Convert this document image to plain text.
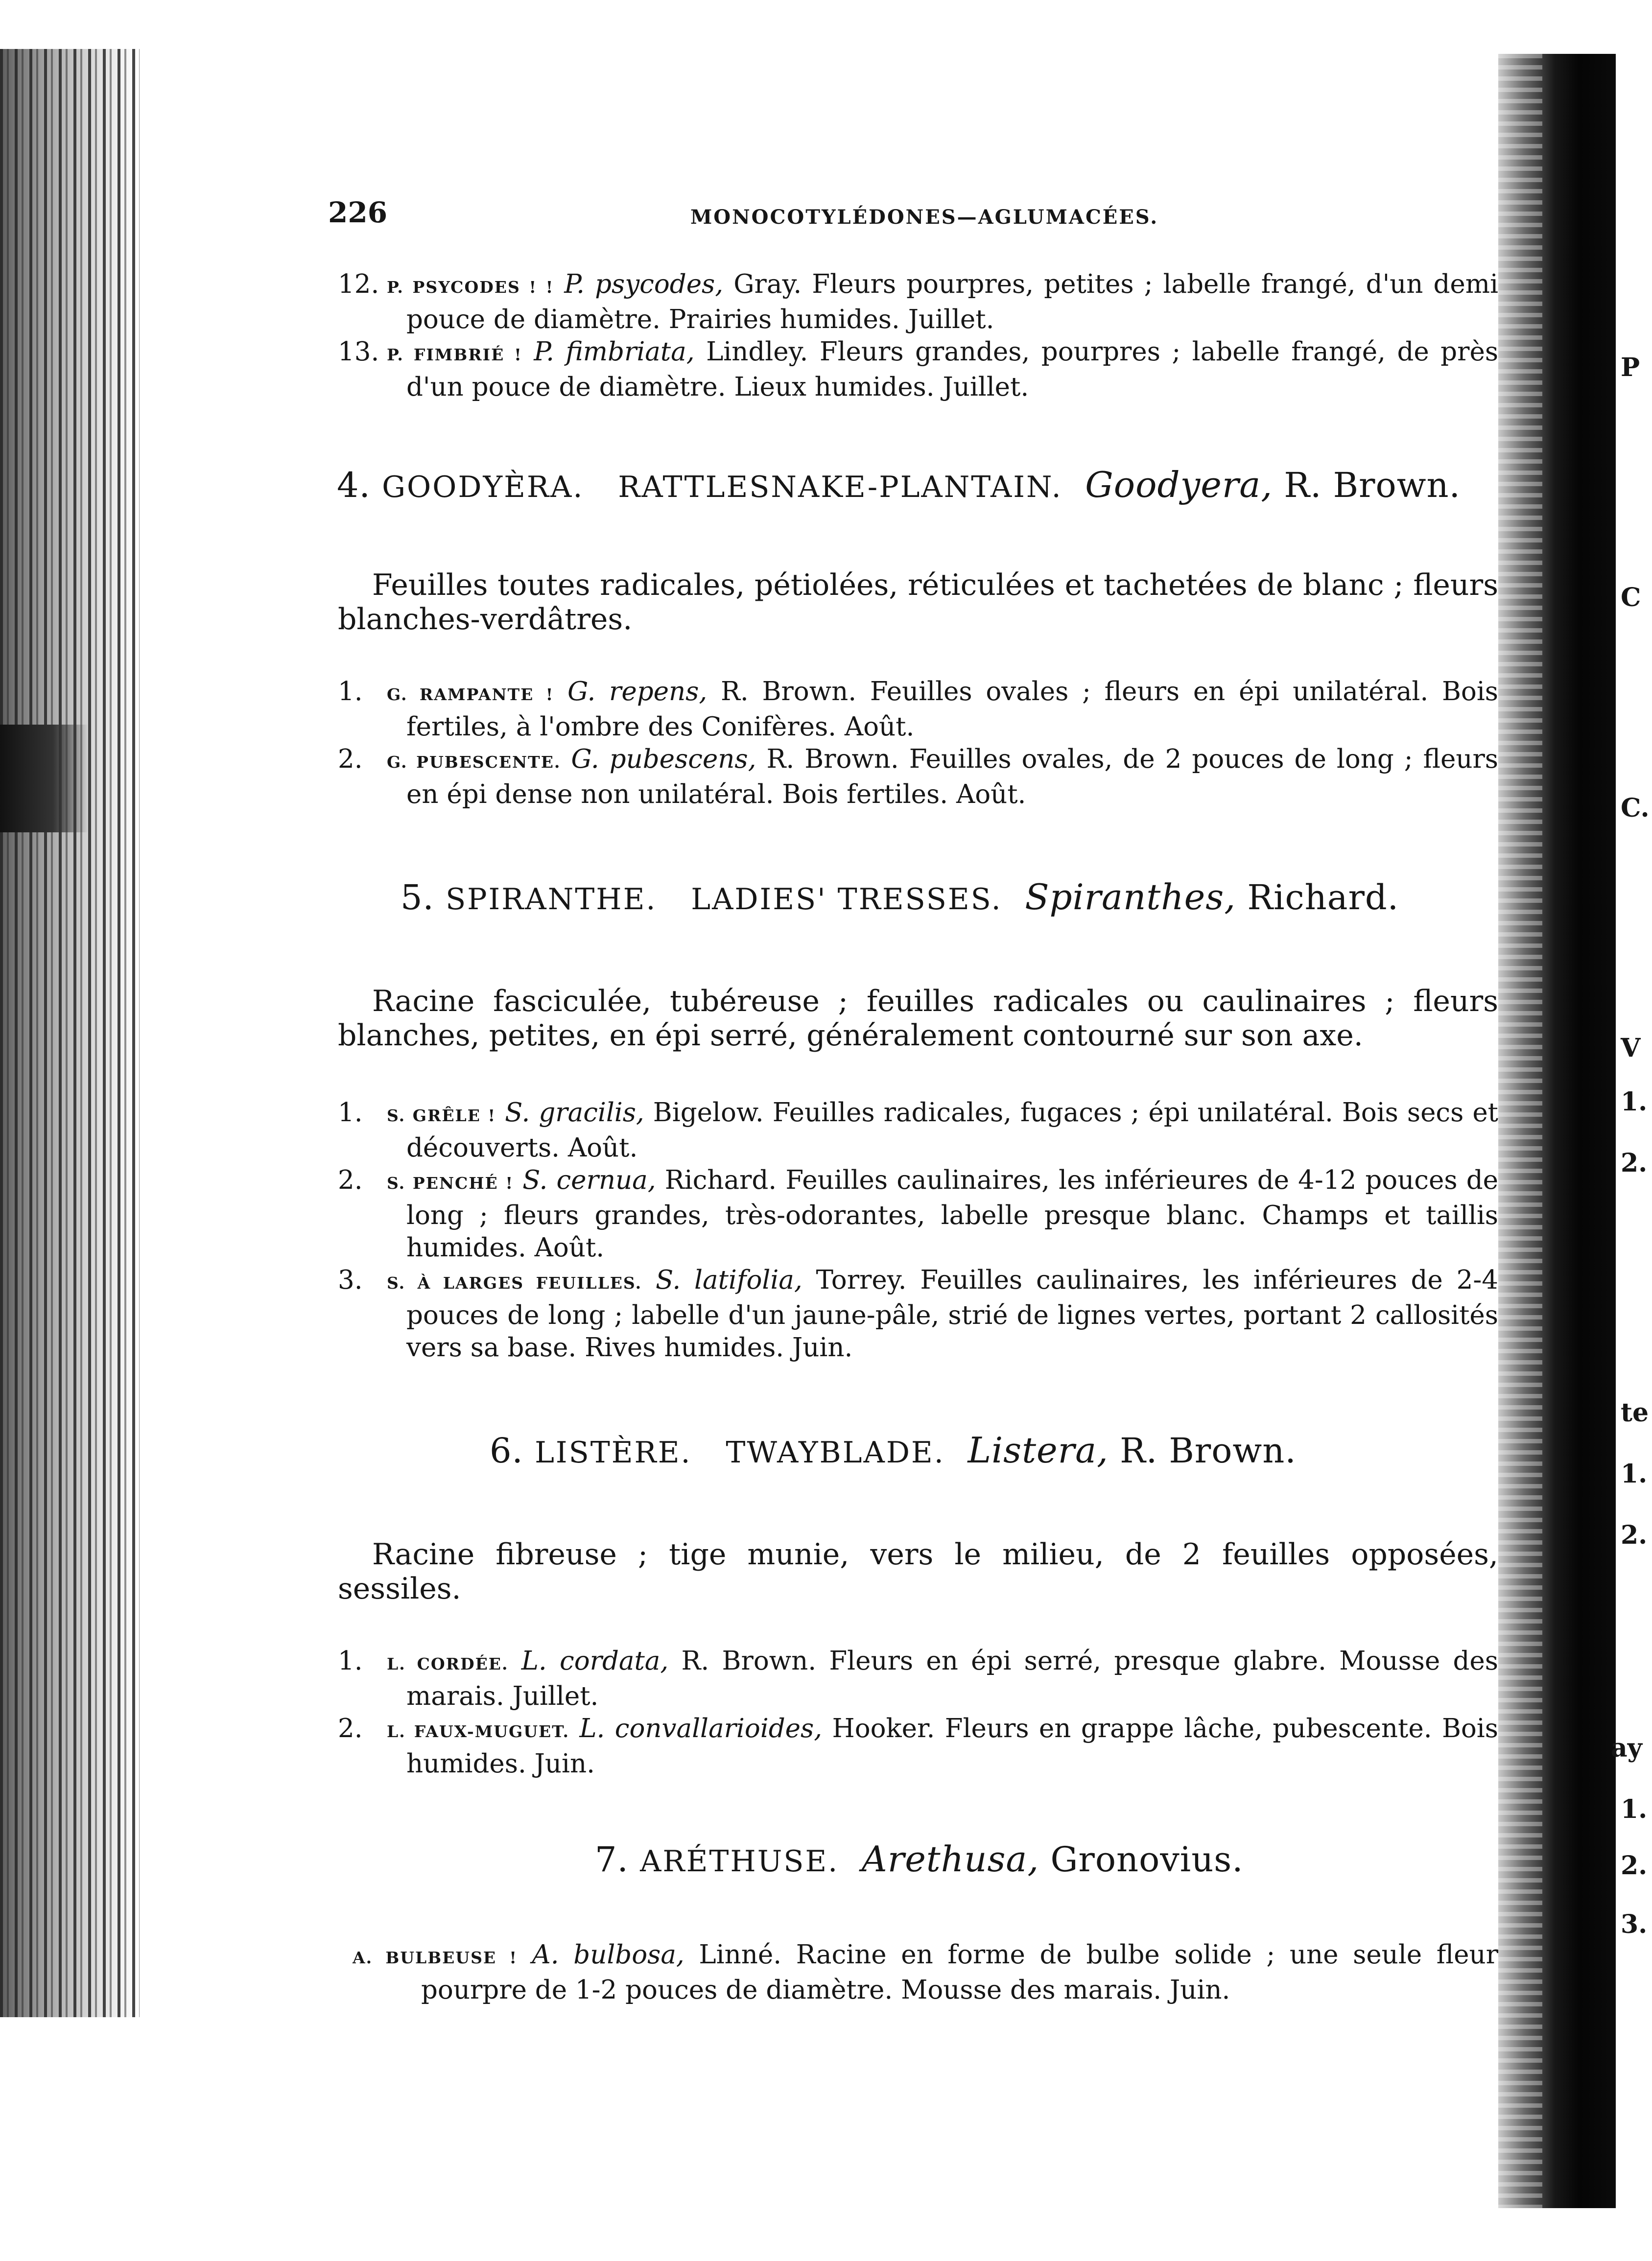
226	MONOCOTYLÉDONES—AGLUMACÉES.

12. P. PSYCODES ! ! P. psycodes, Gray. Fleurs pourpres, petites ; labelle frangé, d'un demi pouce de diamètre. Prairies humides. Juillet.

13. P. FIMBRIÉ ! P. fimbriata, Lindley. Fleurs grandes, pourpres ; labelle frangé, de près d'un pouce de diamètre. Lieux humides. Juillet.

4. GOODYÈRA. RATTLESNAKE-PLANTAIN. Goodyera, R. Brown.
Feuilles toutes radicales, pétiolées, réticulées et tachetées de blanc ; fleurs blanches-verdâtres.

1. G. RAMPANTE ! G. repens, R. Brown. Feuilles ovales ; fleurs en épi unilatéral. Bois fertiles, à l'ombre des Conifères. Août.

2. G. PUBESCENTE. G. pubescens, R. Brown. Feuilles ovales, de 2 pouces de long ; fleurs en épi dense non unilatéral. Bois fertiles. Août.

5. SPIRANTHE. LADIES' TRESSES. Spiranthes, Richard.
Racine fasciculée, tubéreuse ; feuilles radicales ou caulinaires ; fleurs blanches, petites, en épi serré, généralement contourné sur son axe.

1. S. GRÊLE ! S. gracilis, Bigelow. Feuilles radicales, fugaces ; épi unilatéral. Bois secs et découverts. Août.

2. S. PENCHÉ ! S. cernua, Richard. Feuilles caulinaires, les inférieures de 4-12 pouces de long ; fleurs grandes, très-odorantes, labelle presque blanc. Champs et taillis humides. Août.

3. S. À LARGES FEUILLES. S. latifolia, Torrey. Feuilles caulinaires, les inférieures de 2-4 pouces de long ; labelle d'un jaune-pâle, strié de lignes vertes, portant 2 callosités vers sa base. Rives humides. Juin.

6. LISTÈRE. TWAYBLADE. Listera, R. Brown.
Racine fibreuse ; tige munie, vers le milieu, de 2 feuilles opposées, sessiles.

1. L. CORDÉE. L. cordata, R. Brown. Fleurs en épi serré, presque glabre. Mousse des marais. Juillet.

2. L. FAUX-MUGUET. L. convallarioides, Hooker. Fleurs en grappe lâche, pubescente. Bois humides. Juin.

7. ARÉTHUSE. Arethusa, Gronovius.

A. BULBEUSE ! A. bulbosa, Linné. Racine en forme de bulbe solide ; une seule fleur pourpre de 1-2 pouces de diamètre. Mousse des marais. Juin.

P
C
C.
V
1.
2.
te
1.
2.
ay
1.
2.
3.
